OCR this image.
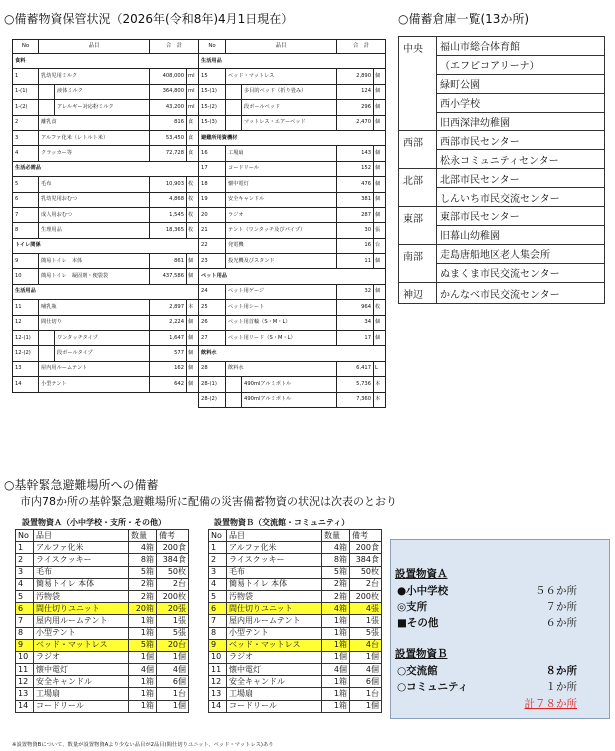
○備蓄物資保管状況（2026年(令和8年)4月1日現在）	○備蓄倉庫一覧(13か所)
No	品目		合　計		No	品目		合　計	
食料					生活用品				
1	乳幼児用ミルク		408,000	ml	15	ベッド・マットレス		2,890	個
1-(1)		液体ミルク	364,800	ml	15-(1)		多目的ベッド（折り畳み）	124	個
1-(2)		アレルギー対応粉ミルク	43,200	ml	15-(2)		段ボールベッド	296	個
2	離乳食		816	食	15-(3)		マットレス・エアーベッド	2,470	個
3	アルファ化米（レトルト米）		53,450	食	避難所用資機材				
4	クラッカー等		72,728	食	16	工場扇		143	個
生活必需品					17	コードリール		152	個
5	毛布		10,903	枚	18	懐中電灯		476	個
6	乳幼児用おむつ		4,868	枚	19	安全キャンドル		381	個
7	成人用おむつ		1,545	枚	20	ラジオ		287	個
8	生理用品		18,365	枚	21	テント（ワンタッチ及びパイプ）		30	張
トイレ関係					22	発電機		16	台
9	簡易トイレ　本体		861	個	23	投光機及びスタンド		11	個
10	簡易トイレ　凝固剤・便袋袋		437,586	個	ペット用品				
生活用品					24	ペット用ゲージ		32	個
11	哺乳瓶		2,897	本	25	ペット用シート		964	枚
12	間仕切り		2,224	個	26	ペット用首輪（S・M・L）		34	個
12-(1)		ワンタッチタイプ	1,647	個	27	ペット用リード（S・M・L）		17	個
12-(2)		段ボールタイプ	577	個	飲料水				
13	屋内用ルームテント		162	個	28	飲料水		6,417	L
14	小型テント		642	個	28-(1)		490mlアルミボトル	5,736	本
					28-(2)		490mlアルミボトル	7,360	本
中央	福山市総合体育館
	（エフピコアリーナ）
	緑町公園
	西小学校
	旧西深津幼稚園
西部	西部市民センター
	松永コミュニティセンター
北部	北部市民センター
	しんいち市民交流センター
東部	東部市民センター
	旧幕山幼稚園
南部	走島唐船地区老人集会所
	ぬまくま市民交流センター
神辺	かんなべ市民交流センター
○基幹緊急避難場所への備蓄
市内78か所の基幹緊急避難場所に配備の災害備蓄物資の状況は次表のとおり
設置物資Ａ（小中学校・支所・その他）	設置物資Ｂ（交流館・コミュニティ）
No	品目	数量	備考
1	アルファ化米	4箱	200食
2	ライスクッキー	8箱	384食
3	毛布	5箱	50枚
4	簡易トイレ 本体	2箱	2台
5	汚物袋	2箱	200枚
6	間仕切りユニット	20箱	20張
7	屋内用ルームテント	1箱	1張
8	小型テント	1箱	5張
9	ベッド・マットレス	5箱	20台
10	ラジオ	1個	1個
11	懐中電灯	4個	4個
12	安全キャンドル	1箱	6個
13	工場扇	1箱	1台
14	コードリール	1箱	1個
No	品目	数量	備考
1	アルファ化米	4箱	200食
2	ライスクッキー	8箱	384食
3	毛布	5箱	50枚
4	簡易トイレ 本体	2箱	2台
5	汚物袋	2箱	200枚
6	間仕切りユニット	4箱	4張
7	屋内用ルームテント	1箱	1張
8	小型テント	1箱	5張
9	ベッド・マットレス	1箱	4台
10	ラジオ	1個	1個
11	懐中電灯	4個	4個
12	安全キャンドル	1箱	6個
13	工場扇	1箱	1台
14	コードリール	1箱	1個
設置物資Ａ
●小中学校	５６か所
◎支所	７か所
■その他	６か所
設置物資Ｂ
○交流館	８か所
○コミュニティ	１か所
計７８か所
※設置物資Bについて、数量が設置物資Aより少ない品目が2品目(間仕切りユニット、ベッド・マットレス)あり
